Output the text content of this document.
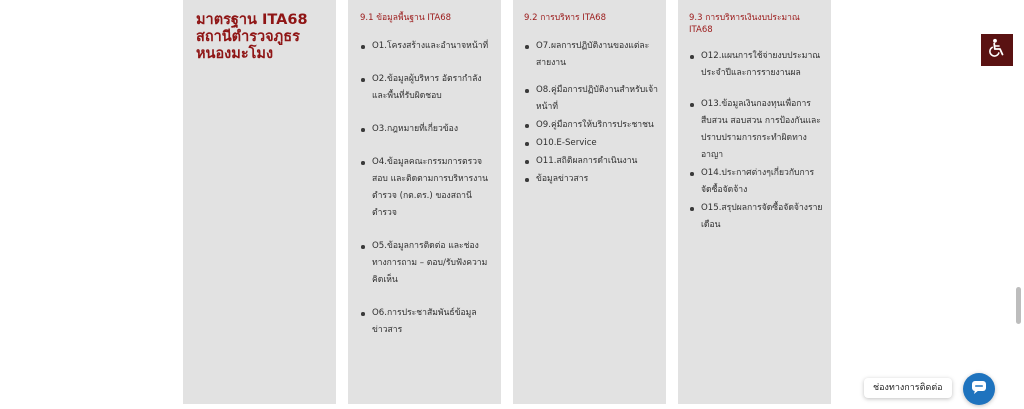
มาตรฐาน ITA68 สถานีตำรวจภูธรหนองมะโมง
9.1 ข้อมูลพื้นฐาน ITA68
O1.โครงสร้างและอำนาจหน้าที่
O2.ข้อมูลผู้บริหาร อัตรากำลังและพื้นที่รับผิดชอบ
O3.กฎหมายที่เกี่ยวข้อง
O4.ข้อมูลคณะกรรมการตรวจสอบ และติดตามการบริหารงานตำรวจ (กต.ตร.) ของสถานีตำรวจ
O5.ข้อมูลการติดต่อ และช่องทางการถาม – ตอบ/รับฟังความคิดเห็น
O6.การประชาสัมพันธ์ข้อมูลข่าวสาร
9.2 การบริหาร ITA68
O7.ผลการปฏิบัติงานของแต่ละสายงาน
O8.คู่มือการปฏิบัติงานสำหรับเจ้าหน้าที่
O9.คู่มือการให้บริการประชาชน
O10.E-Service
O11.สถิติผลการดำเนินงาน
ข้อมูลข่าวสาร
9.3 การบริหารเงินงบประมาณ ITA68
O12.แผนการใช้จ่ายงบประมาณประจำปีและการรายงานผล
O13.ข้อมูลเงินกองทุนเพื่อการสืบสวน สอบสวน การป้องกันและปราบปรามการกระทำผิดทางอาญา
O14.ประกาศต่างๆเกี่ยวกับการจัดซื้อจัดจ้าง
O15.สรุปผลการจัดซื้อจัดจ้างรายเดือน
ช่องทางการติดต่อ
